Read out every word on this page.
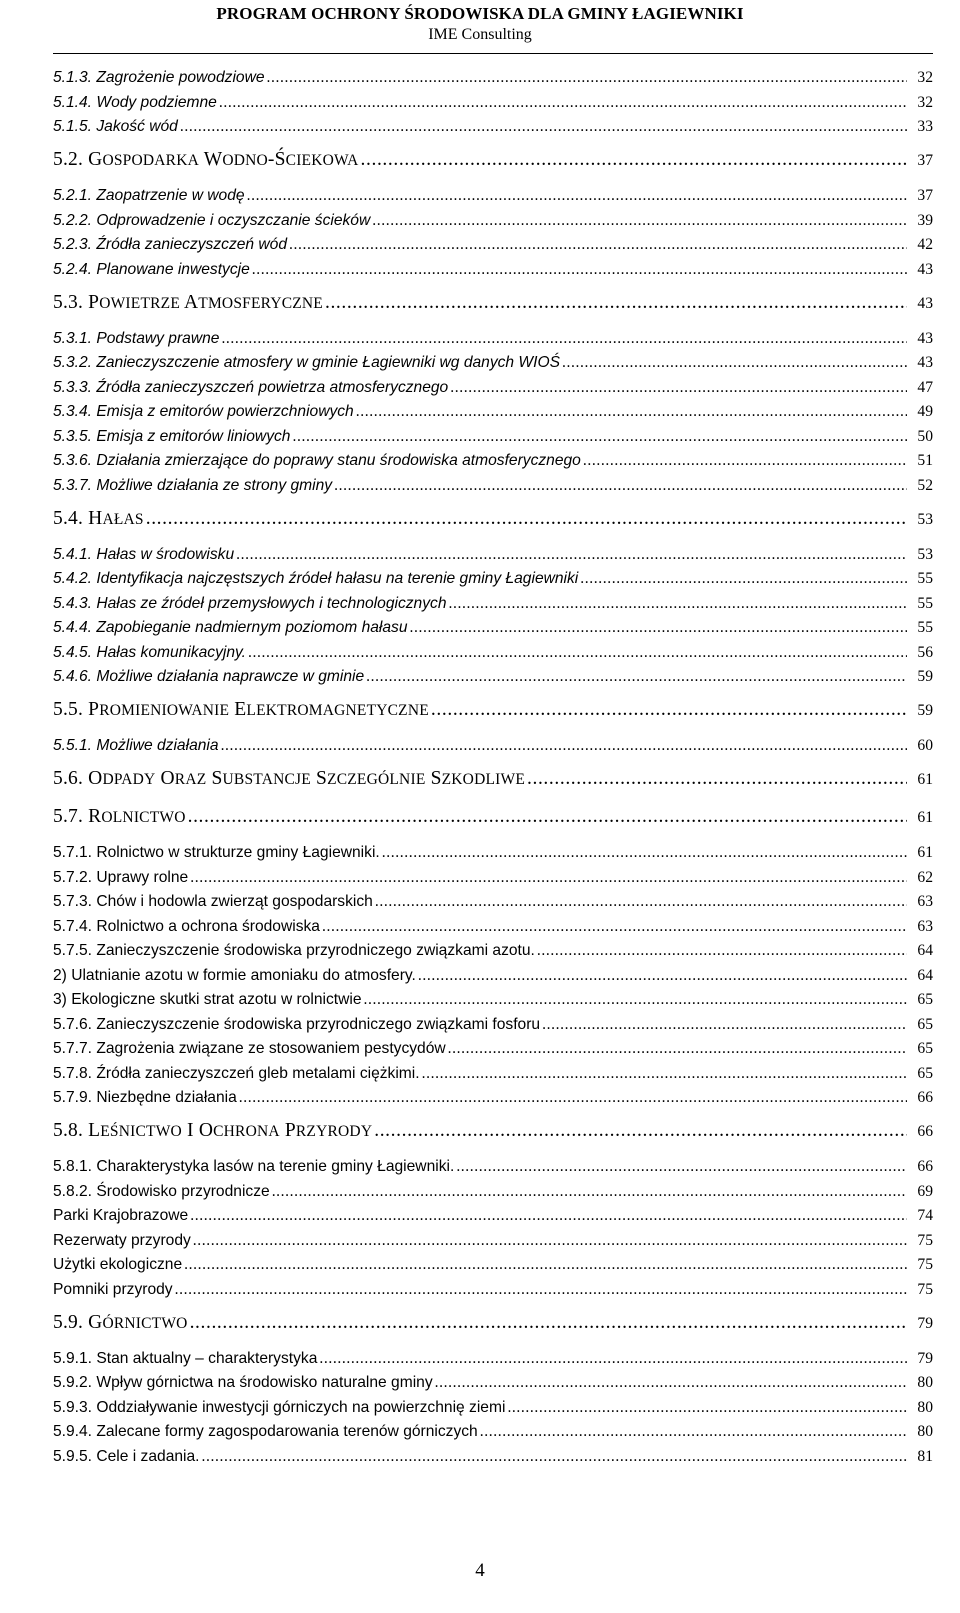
PROGRAM OCHRONY ŚRODOWISKA DLA GMINY ŁAGIEWNIKI
IME Consulting
5.1.3. Zagrożenie powodziowe .....	32
5.1.4. Wody podziemne .....	32
5.1.5. Jakość wód .....	33
5.2. GOSPODARKA WODNO-ŚCIEKOWA .....	37
5.2.1. Zaopatrzenie w wodę .....	37
5.2.2. Odprowadzenie i oczyszczanie ścieków .....	39
5.2.3. Źródła zanieczyszczeń wód .....	42
5.2.4. Planowane inwestycje .....	43
5.3. POWIETRZE ATMOSFERYCZNE .....	43
5.3.1. Podstawy prawne .....	43
5.3.2. Zanieczyszczenie atmosfery w gminie Łagiewniki wg danych WIOŚ .....	43
5.3.3. Źródła zanieczyszczeń powietrza atmosferycznego .....	47
5.3.4. Emisja z emitorów powierzchniowych .....	49
5.3.5. Emisja z emitorów liniowych .....	50
5.3.6. Działania zmierzające do poprawy stanu środowiska atmosferycznego .....	51
5.3.7. Możliwe działania ze strony gminy .....	52
5.4. HAŁAS .....	53
5.4.1. Hałas w środowisku .....	53
5.4.2. Identyfikacja najczęstszych źródeł hałasu na terenie gminy Łagiewniki .....	55
5.4.3. Hałas ze źródeł przemysłowych i technologicznych .....	55
5.4.4. Zapobieganie nadmiernym poziomom hałasu .....	55
5.4.5. Hałas komunikacyjny. .....	56
5.4.6. Możliwe działania naprawcze w gminie .....	59
5.5. PROMIENIOWANIE ELEKTROMAGNETYCZNE .....	59
5.5.1. Możliwe działania .....	60
5.6. ODPADY ORAZ SUBSTANCJE SZCZEGÓLNIE SZKODLIWE .....	61
5.7. ROLNICTWO .....	61
5.7.1. Rolnictwo w strukturze gminy Łagiewniki. .....	61
5.7.2. Uprawy rolne .....	62
5.7.3. Chów i hodowla zwierząt gospodarskich .....	63
5.7.4. Rolnictwo a ochrona środowiska .....	63
5.7.5. Zanieczyszczenie środowiska przyrodniczego związkami azotu. .....	64
2) Ulatnianie azotu w formie amoniaku do atmosfery. .....	64
3) Ekologiczne skutki strat azotu w rolnictwie .....	65
5.7.6. Zanieczyszczenie środowiska przyrodniczego związkami fosforu .....	65
5.7.7. Zagrożenia związane ze stosowaniem pestycydów .....	65
5.7.8. Źródła zanieczyszczeń gleb metalami ciężkimi. .....	65
5.7.9. Niezbędne działania .....	66
5.8. LEŚNICTWO I OCHRONA PRZYRODY .....	66
5.8.1. Charakterystyka lasów na terenie gminy Łagiewniki. .....	66
5.8.2. Środowisko przyrodnicze .....	69
Parki Krajobrazowe .....	74
Rezerwaty przyrody .....	75
Użytki ekologiczne .....	75
Pomniki przyrody .....	75
5.9. GÓRNICTWO .....	79
5.9.1. Stan aktualny – charakterystyka .....	79
5.9.2. Wpływ górnictwa na środowisko naturalne gminy .....	80
5.9.3. Oddziaływanie inwestycji górniczych na powierzchnię ziemi .....	80
5.9.4. Zalecane formy zagospodarowania terenów górniczych .....	80
5.9.5. Cele i zadania. .....	81
4
